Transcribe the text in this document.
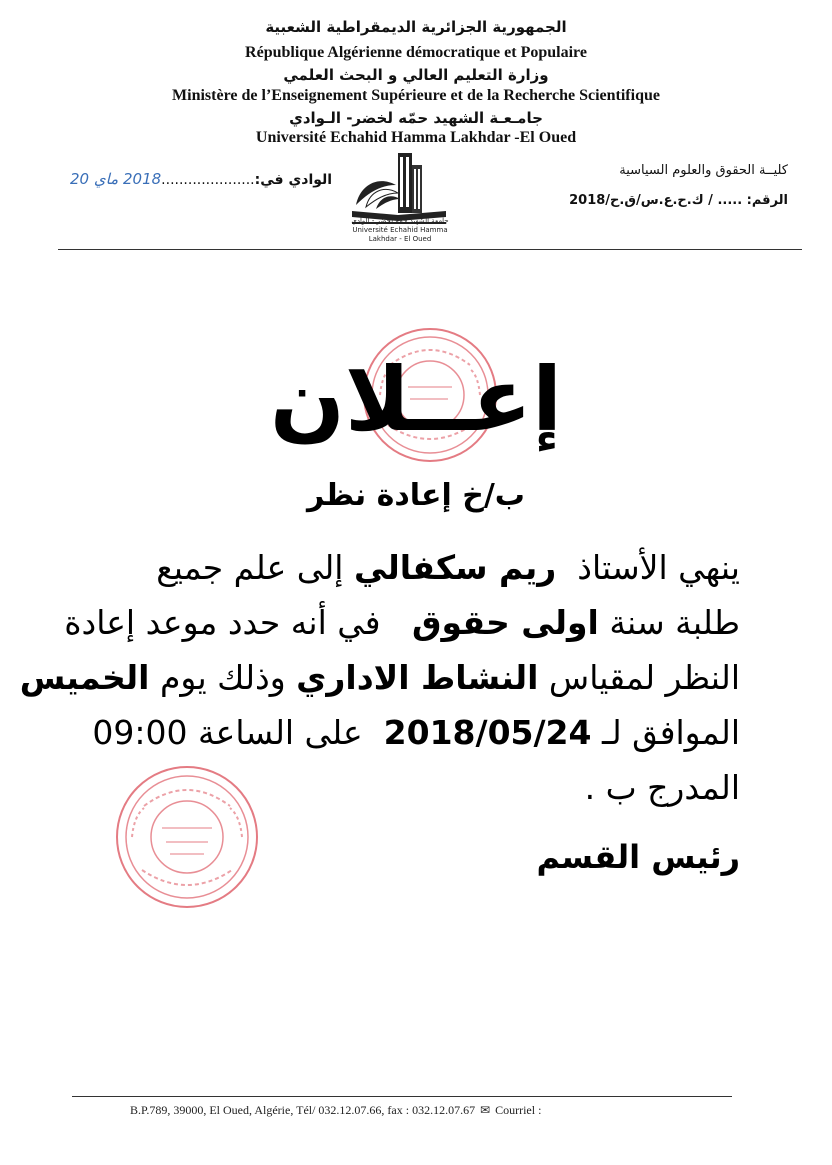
الجمهورية الجزائرية الديمقراطية الشعبية
République Algérienne démocratique et Populaire
وزارة التعليم العالي و البحث العلمي
Ministère de l’Enseignement Supérieure et de la Recherche Scientifique
جامـعـة الشهيد حمّه لخضر- الـوادي
Université Echahid Hamma Lakhdar -El Oued
كليــة الحقوق والعلوم السياسية
الرقم: ..... / ك.ح.ع.س/ق.ح/2018
الوادي في:.....................2018 ماي 20
جامعة الشهيد حمه لخضر - الوادي
Université Echahid Hamma Lakhdar - El Oued
إعــلان
ب/خ إعادة نظر
ينهي الأستاذ  ريم سكفالي إلى علم جميع
طلبة سنة اولى حقوق   في أنه حدد موعد إعادة
النظر لمقياس النشاط الاداري وذلك يوم الخميس
الموافق لـ 2018/05/24  على الساعة 09:00
المدرج ب .
رئيس القسم
B.P.789, 39000, El Oued, Algérie, Tél/ 032.12.07.66, fax : 032.12.07.67 ✉ Courriel :
